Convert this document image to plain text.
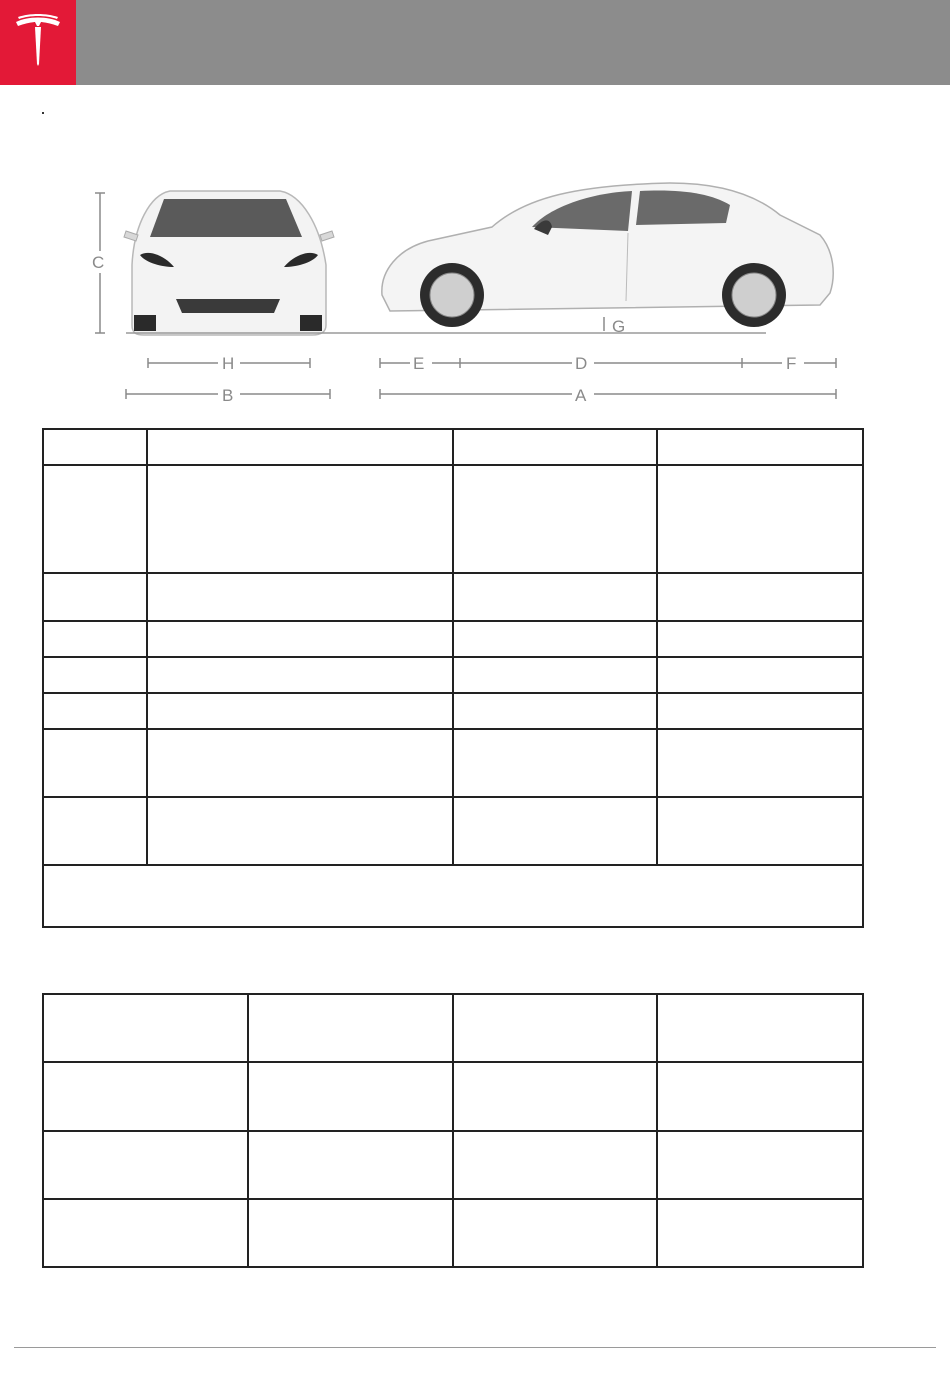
C
G
H	E	D	F
B	A
